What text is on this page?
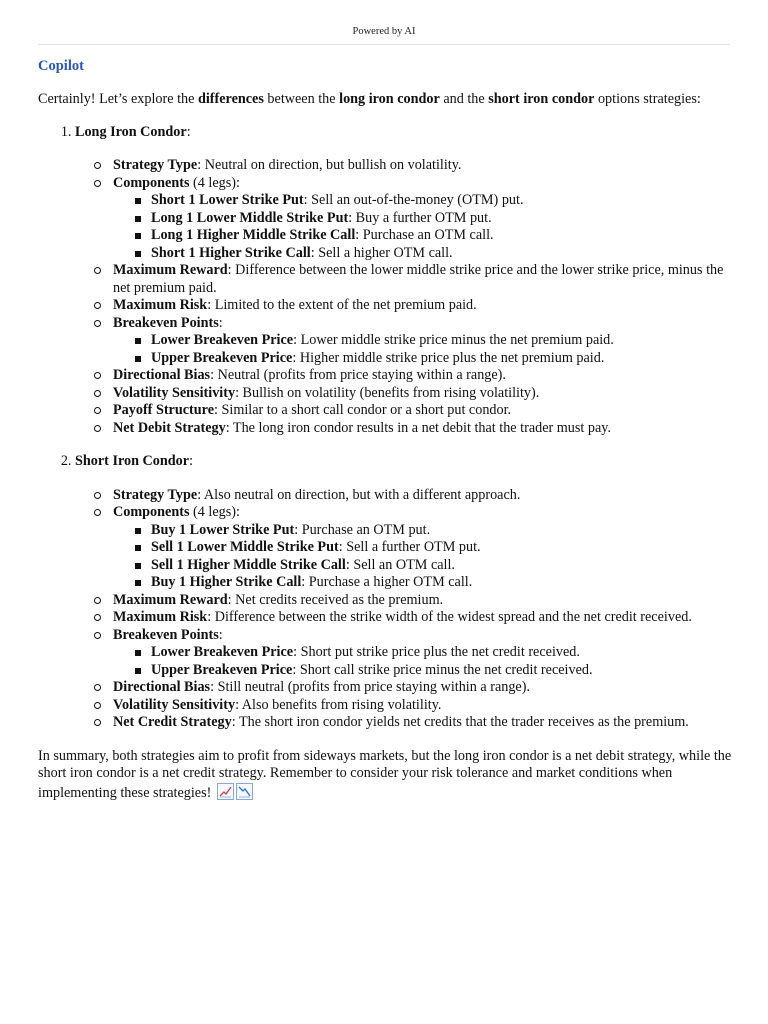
Powered by AI
Copilot

Certainly! Let’s explore the differences between the long iron condor and the short iron condor options strategies:

1. Long Iron Condor:
Strategy Type: Neutral on direction, but bullish on volatility.
Components (4 legs):
Short 1 Lower Strike Put: Sell an out-of-the-money (OTM) put.
Long 1 Lower Middle Strike Put: Buy a further OTM put.
Long 1 Higher Middle Strike Call: Purchase an OTM call.
Short 1 Higher Strike Call: Sell a higher OTM call.
Maximum Reward: Difference between the lower middle strike price and the lower strike price, minus the net premium paid.
Maximum Risk: Limited to the extent of the net premium paid.
Breakeven Points:
Lower Breakeven Price: Lower middle strike price minus the net premium paid.
Upper Breakeven Price: Higher middle strike price plus the net premium paid.
Directional Bias: Neutral (profits from price staying within a range).
Volatility Sensitivity: Bullish on volatility (benefits from rising volatility).
Payoff Structure: Similar to a short call condor or a short put condor.
Net Debit Strategy: The long iron condor results in a net debit that the trader must pay.
2. Short Iron Condor:
Strategy Type: Also neutral on direction, but with a different approach.
Components (4 legs):
Buy 1 Lower Strike Put: Purchase an OTM put.
Sell 1 Lower Middle Strike Put: Sell a further OTM put.
Sell 1 Higher Middle Strike Call: Sell an OTM call.
Buy 1 Higher Strike Call: Purchase a higher OTM call.
Maximum Reward: Net credits received as the premium.
Maximum Risk: Difference between the strike width of the widest spread and the net credit received.
Breakeven Points:
Lower Breakeven Price: Short put strike price plus the net credit received.
Upper Breakeven Price: Short call strike price minus the net credit received.
Directional Bias: Still neutral (profits from price staying within a range).
Volatility Sensitivity: Also benefits from rising volatility.
Net Credit Strategy: The short iron condor yields net credits that the trader receives as the premium.

In summary, both strategies aim to profit from sideways markets, but the long iron condor is a net debit strategy, while the short iron condor is a net credit strategy. Remember to consider your risk tolerance and market conditions when implementing these strategies!
